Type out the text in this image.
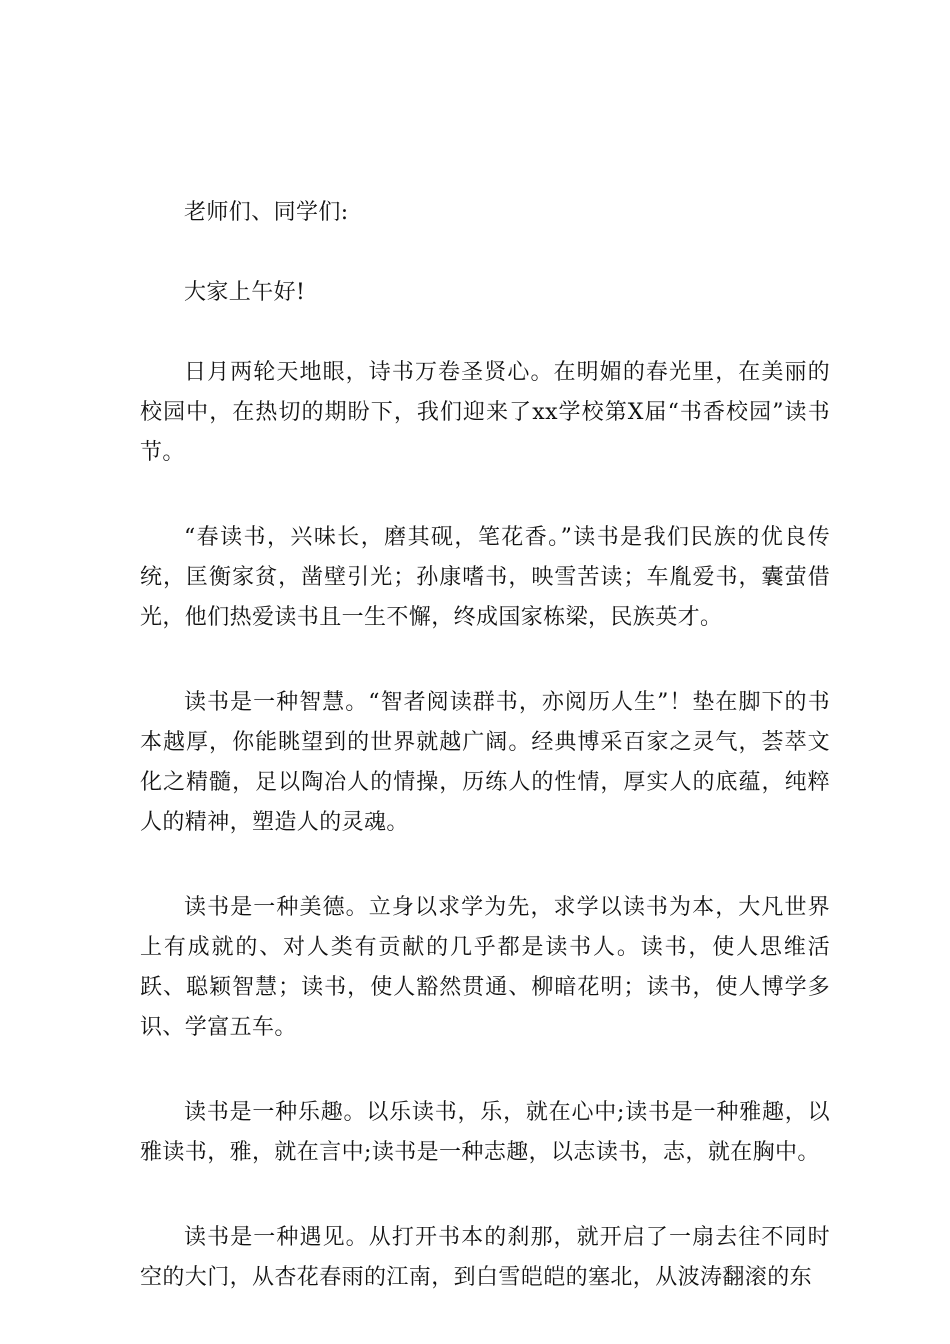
老师们、同学们:

大家上午好!

日月两轮天地眼，诗书万卷圣贤心。在明媚的春光里，在美丽的校园中，在热切的期盼下，我们迎来了xx学校第X届“书香校园”读书节。

“春读书，兴味长，磨其砚，笔花香。”读书是我们民族的优良传统，匡衡家贫，凿壁引光；孙康嗜书，映雪苦读；车胤爱书，囊萤借光，他们热爱读书且一生不懈，终成国家栋梁，民族英才。

读书是一种智慧。“智者阅读群书，亦阅历人生”！垫在脚下的书本越厚，你能眺望到的世界就越广阔。经典博采百家之灵气，荟萃文化之精髓，足以陶冶人的情操，历练人的性情，厚实人的底蕴，纯粹人的精神，塑造人的灵魂。

读书是一种美德。立身以求学为先，求学以读书为本，大凡世界上有成就的、对人类有贡献的几乎都是读书人。读书，使人思维活跃、聪颖智慧；读书，使人豁然贯通、柳暗花明；读书，使人博学多识、学富五车。

读书是一种乐趣。以乐读书，乐，就在心中;读书是一种雅趣，以雅读书，雅，就在言中;读书是一种志趣，以志读书，志，就在胸中。

读书是一种遇见。从打开书本的刹那，就开启了一扇去往不同时空的大门，从杏花春雨的江南，到白雪皑皑的塞北，从波涛翻滚的东
